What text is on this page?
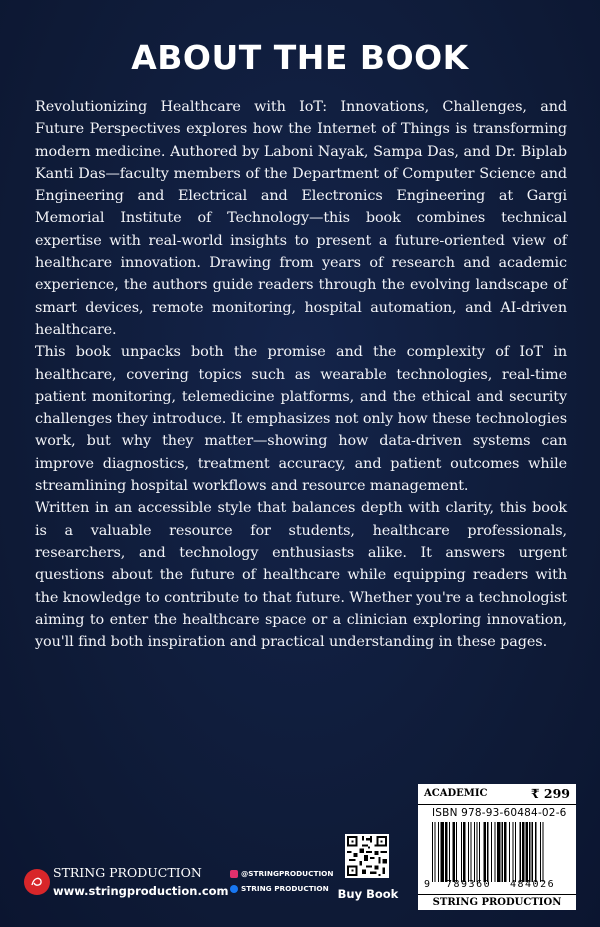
ABOUT THE BOOK

Revolutionizing Healthcare with IoT: Innovations, Challenges, and Future Perspectives explores how the Internet of Things is transforming modern medicine. Authored by Laboni Nayak, Sampa Das, and Dr. Biplab Kanti Das—faculty members of the Department of Computer Science and Engineering and Electrical and Electronics Engineering at Gargi Memorial Institute of Technology—this book combines technical expertise with real-world insights to present a future-oriented view of healthcare innovation. Drawing from years of research and academic experience, the authors guide readers through the evolving landscape of smart devices, remote monitoring, hospital automation, and AI-driven healthcare.

This book unpacks both the promise and the complexity of IoT in healthcare, covering topics such as wearable technologies, real-time patient monitoring, telemedicine platforms, and the ethical and security challenges they introduce. It emphasizes not only how these technologies work, but why they matter—showing how data-driven systems can improve diagnostics, treatment accuracy, and patient outcomes while streamlining hospital workflows and resource management.

Written in an accessible style that balances depth with clarity, this book is a valuable resource for students, healthcare professionals, researchers, and technology enthusiasts alike. It answers urgent questions about the future of healthcare while equipping readers with the knowledge to contribute to that future. Whether you're a technologist aiming to enter the healthcare space or a clinician exploring innovation, you'll find both inspiration and practical understanding in these pages.

STRING PRODUCTION
www.stringproduction.com
@STRINGPRODUCTION
STRING PRODUCTION Buy Book
ACADEMIC	₹ 299
ISBN 978-93-60484-02-6
9 789360 484026
STRING PRODUCTION
